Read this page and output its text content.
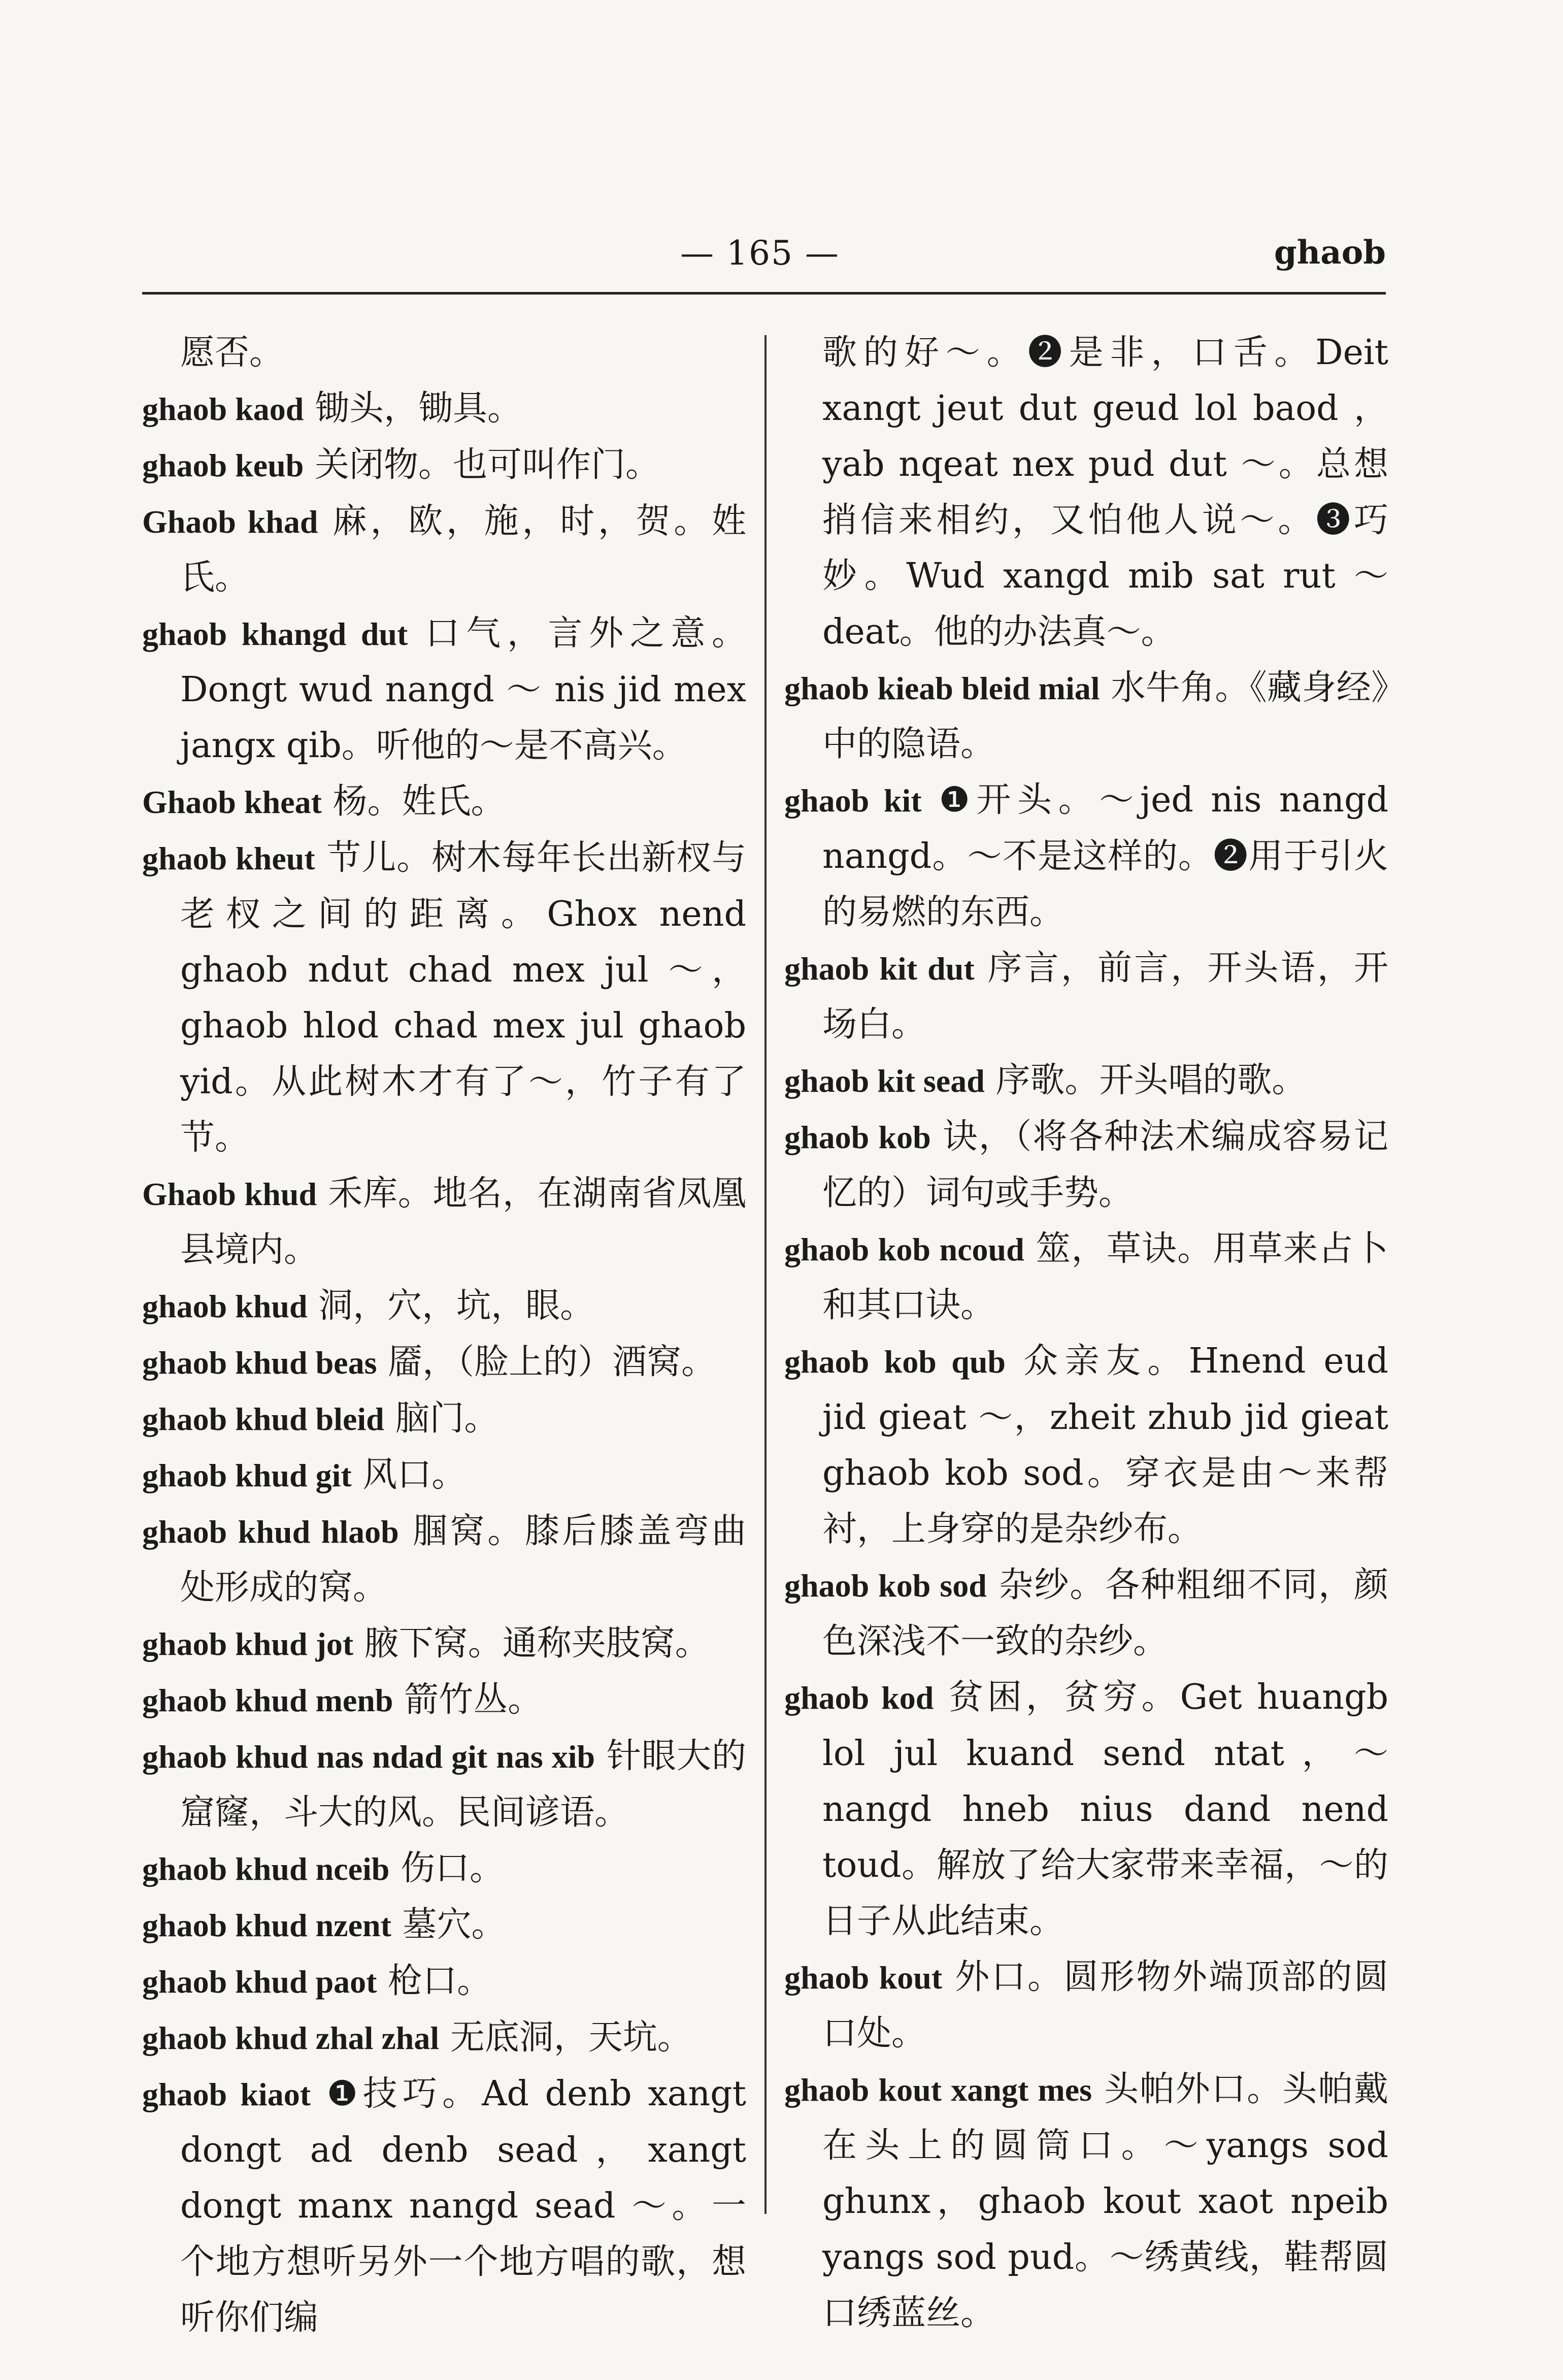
— 165 —	ghaob

愿否。

ghaob kaod 锄头，锄具。

ghaob keub 关闭物。也可叫作门。

Ghaob khad 麻，欧，施，时，贺。姓氏。

ghaob khangd dut 口气，言外之意。Dongt wud nangd ～ nis jid mex jangx qib。听他的～是不高兴。

Ghaob kheat 杨。姓氏。

ghaob kheut 节儿。树木每年长出新杈与老杈之间的距离。Ghox nend ghaob ndut chad mex jul ～，ghaob hlod chad mex jul ghaob yid。从此树木才有了～，竹子有了节。

Ghaob khud 禾库。地名，在湖南省凤凰县境内。

ghaob khud 洞，穴，坑，眼。

ghaob khud beas 靥，（脸上的）酒窝。

ghaob khud bleid 脑门。

ghaob khud git 风口。

ghaob khud hlaob 腘窝。膝后膝盖弯曲处形成的窝。

ghaob khud jot 腋下窝。通称夹肢窝。

ghaob khud menb 箭竹丛。

ghaob khud nas ndad git nas xib 针眼大的窟窿，斗大的风。民间谚语。

ghaob khud nceib 伤口。

ghaob khud nzent 墓穴。

ghaob khud paot 枪口。

ghaob khud zhal zhal 无底洞，天坑。

ghaob kiaot ❶技巧。Ad denb xangt dongt ad denb sead，xangt dongt manx nangd sead ～。一个地方想听另外一个地方唱的歌，想听你们编

歌的好～。❷是非，口舌。Deit xangt jeut dut geud lol baod ，yab nqeat nex pud dut ～。总想捎信来相约，又怕他人说～。❸巧妙。Wud xangd mib sat rut ～ deat。他的办法真～。

ghaob kieab bleid mial 水牛角。《藏身经》中的隐语。

ghaob kit ❶开头。～jed nis nangd nangd。～不是这样的。❷用于引火的易燃的东西。

ghaob kit dut 序言，前言，开头语，开场白。

ghaob kit sead 序歌。开头唱的歌。

ghaob kob 诀，（将各种法术编成容易记忆的）词句或手势。

ghaob kob ncoud 筮，草诀。用草来占卜和其口诀。

ghaob kob qub 众亲友。Hnend eud jid gieat ～，zheit zhub jid gieat ghaob kob sod。穿衣是由～来帮衬，上身穿的是杂纱布。

ghaob kob sod 杂纱。各种粗细不同，颜色深浅不一致的杂纱。

ghaob kod 贫困，贫穷。Get huangb lol jul kuand send ntat，～nangd hneb nius dand nend toud。解放了给大家带来幸福，～的日子从此结束。

ghaob kout 外口。圆形物外端顶部的圆口处。

ghaob kout xangt mes 头帕外口。头帕戴在头上的圆筒口。～yangs sod ghunx，ghaob kout xaot npeib yangs sod pud。～绣黄线，鞋帮圆口绣蓝丝。
